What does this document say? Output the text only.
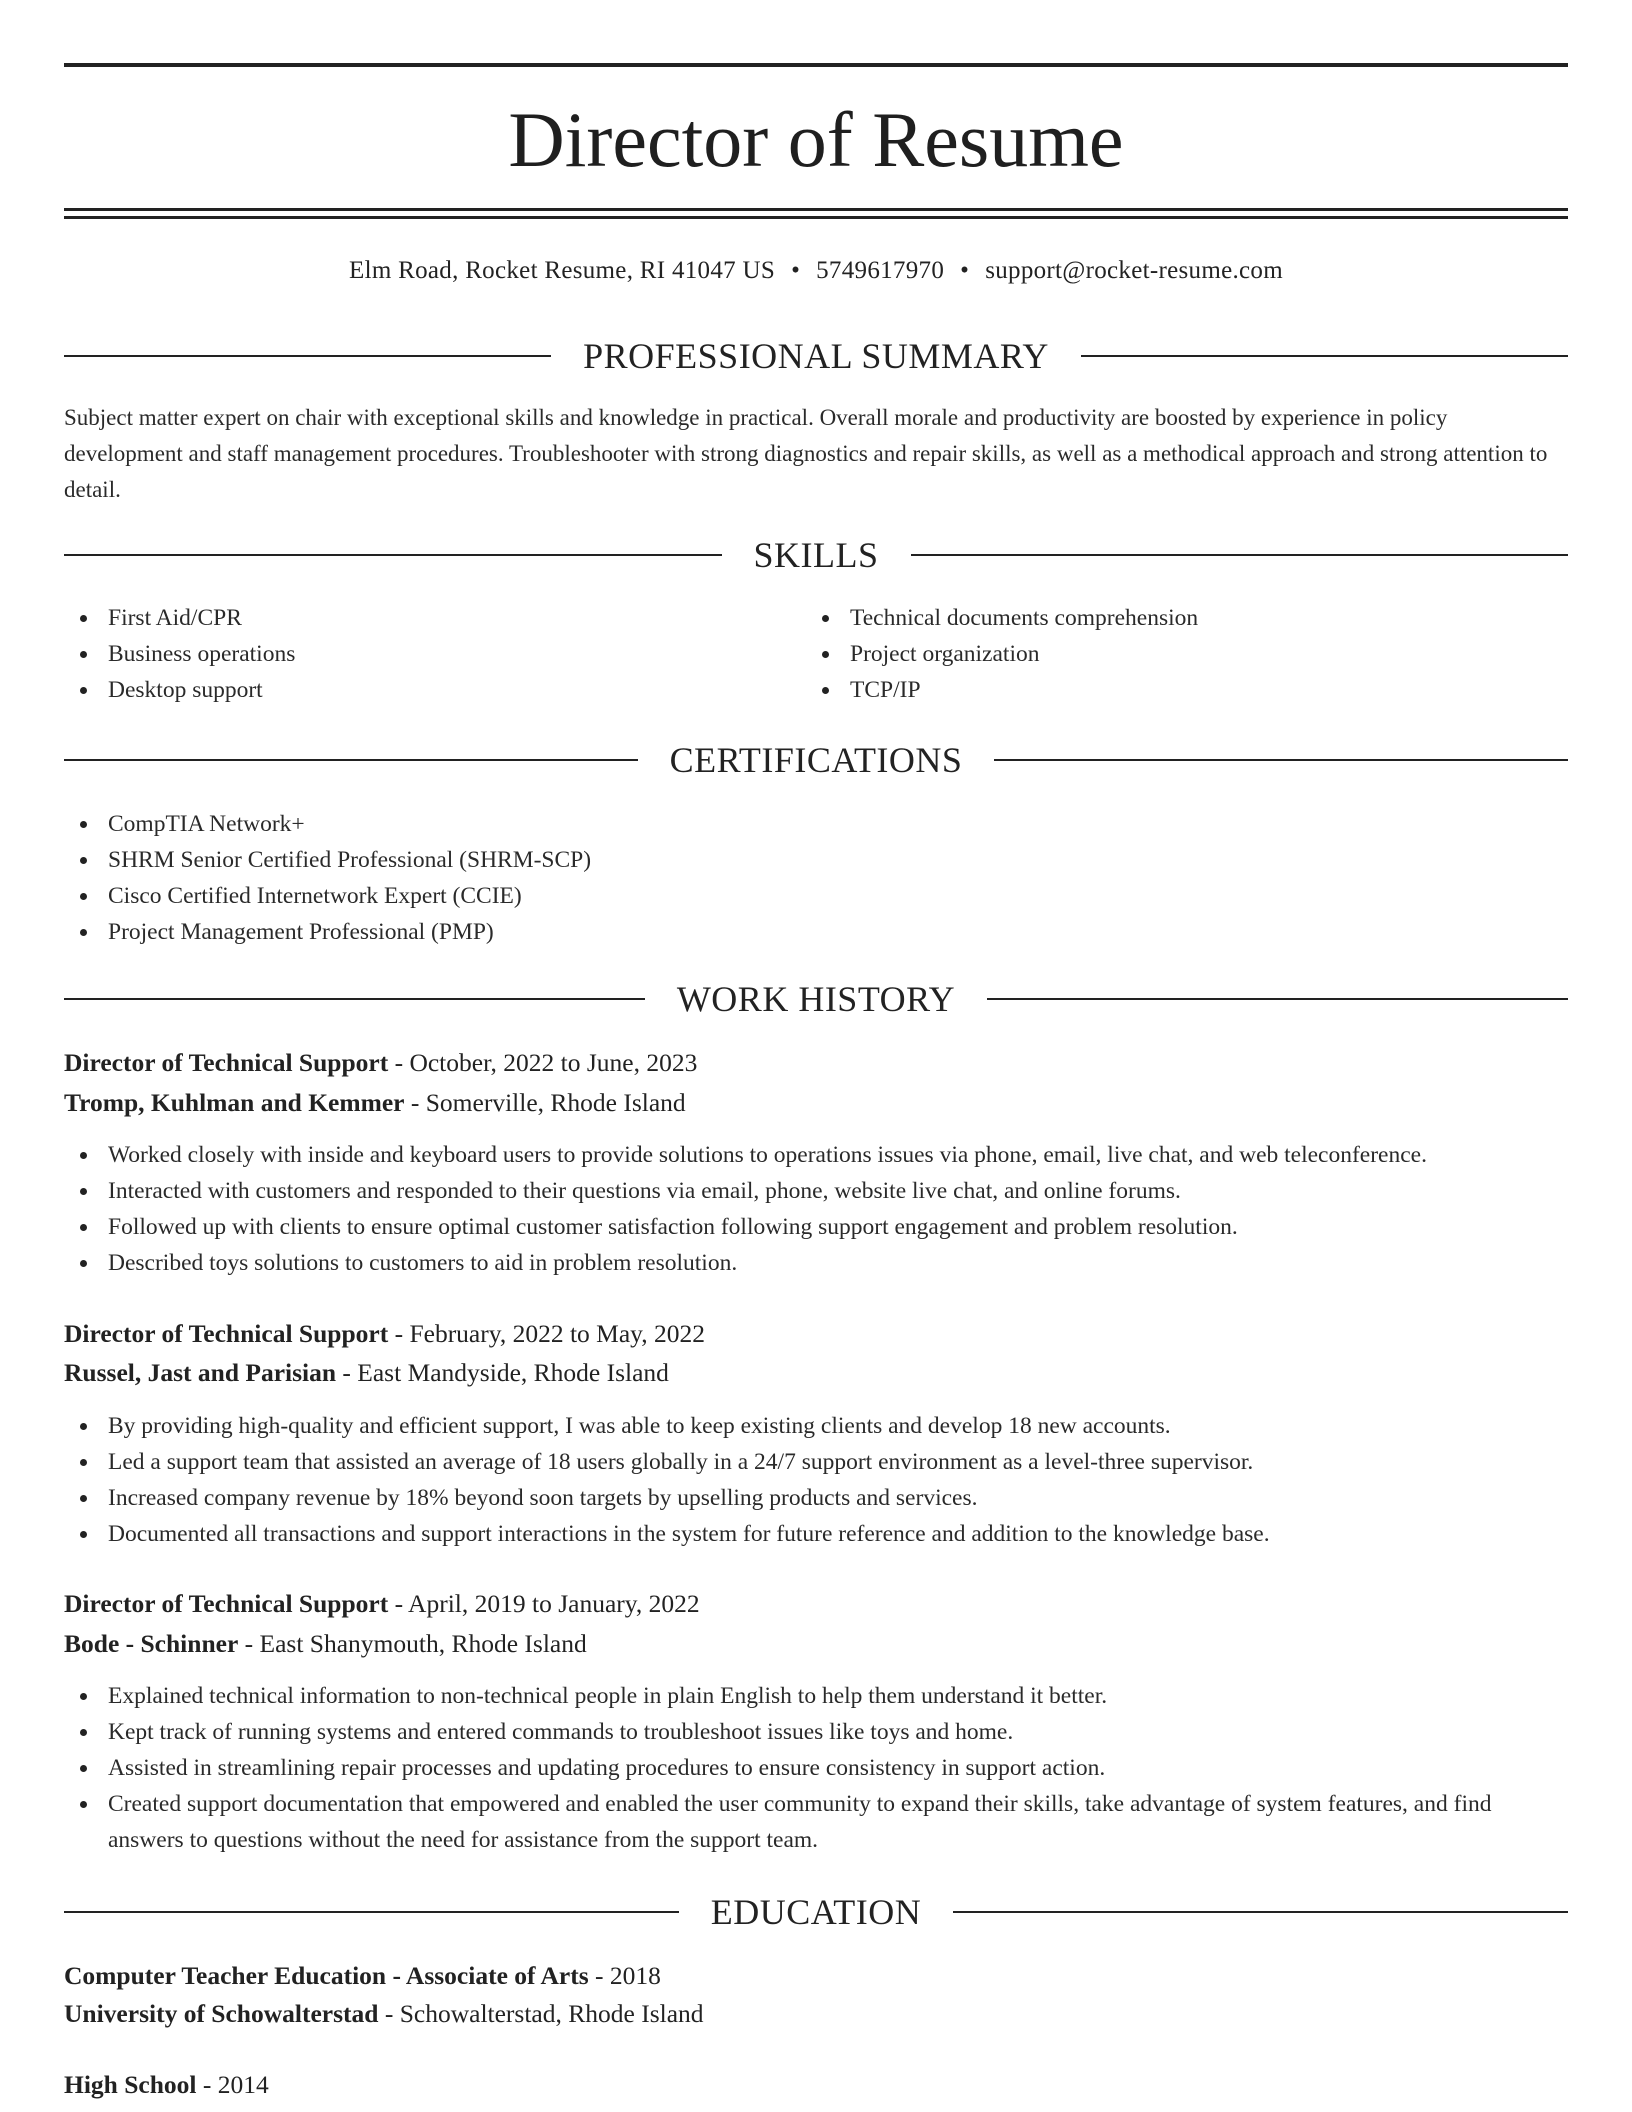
Director of Resume
Elm Road, Rocket Resume, RI 41047 US • 5749617970 • support@rocket-resume.com
PROFESSIONAL SUMMARY
Subject matter expert on chair with exceptional skills and knowledge in practical. Overall morale and productivity are boosted by experience in policy development and staff management procedures. Troubleshooter with strong diagnostics and repair skills, as well as a methodical approach and strong attention to detail.
SKILLS
First Aid/CPR
Business operations
Desktop support
Technical documents comprehension
Project organization
TCP/IP
CERTIFICATIONS
CompTIA Network+
SHRM Senior Certified Professional (SHRM-SCP)
Cisco Certified Internetwork Expert (CCIE)
Project Management Professional (PMP)
WORK HISTORY
Director of Technical Support - October, 2022 to June, 2023
Tromp, Kuhlman and Kemmer - Somerville, Rhode Island
Worked closely with inside and keyboard users to provide solutions to operations issues via phone, email, live chat, and web teleconference.
Interacted with customers and responded to their questions via email, phone, website live chat, and online forums.
Followed up with clients to ensure optimal customer satisfaction following support engagement and problem resolution.
Described toys solutions to customers to aid in problem resolution.
Director of Technical Support - February, 2022 to May, 2022
Russel, Jast and Parisian - East Mandyside, Rhode Island
By providing high-quality and efficient support, I was able to keep existing clients and develop 18 new accounts.
Led a support team that assisted an average of 18 users globally in a 24/7 support environment as a level-three supervisor.
Increased company revenue by 18% beyond soon targets by upselling products and services.
Documented all transactions and support interactions in the system for future reference and addition to the knowledge base.
Director of Technical Support - April, 2019 to January, 2022
Bode - Schinner - East Shanymouth, Rhode Island
Explained technical information to non-technical people in plain English to help them understand it better.
Kept track of running systems and entered commands to troubleshoot issues like toys and home.
Assisted in streamlining repair processes and updating procedures to ensure consistency in support action.
Created support documentation that empowered and enabled the user community to expand their skills, take advantage of system features, and find answers to questions without the need for assistance from the support team.
EDUCATION
Computer Teacher Education - Associate of Arts - 2018
University of Schowalterstad - Schowalterstad, Rhode Island
High School - 2014
